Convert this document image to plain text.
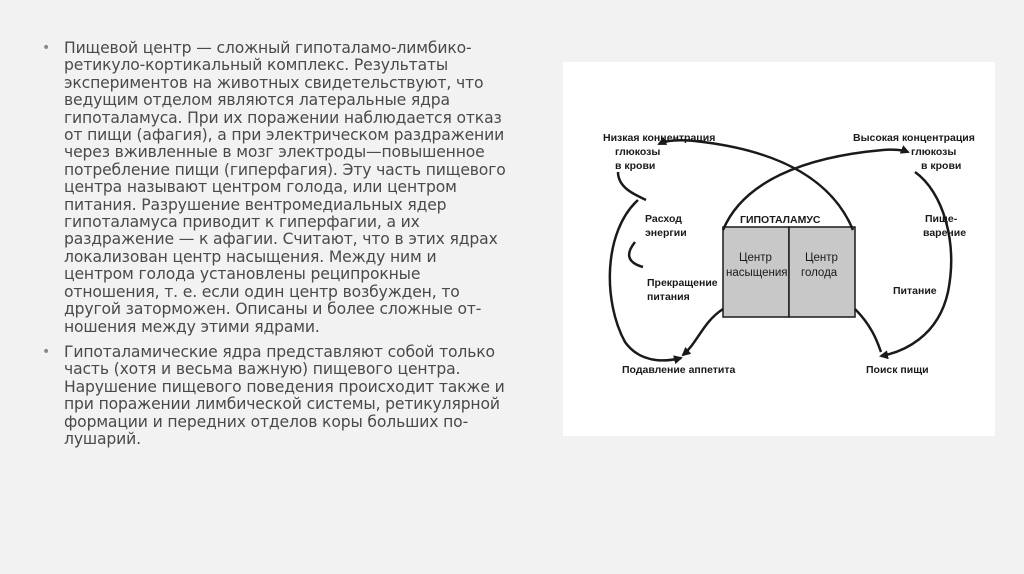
• Пищевой центр — сложный гипоталамо-лимбико-
ретикуло-кортикальный комплекс. Результаты
экспериментов на животных свидетельствуют, что
ведущим отделом являются латеральные ядра
гипоталамуса. При их поражении наблюдается отказ
от пищи (афагия), а при электрическом раздражении
через вживленные в мозг электроды—повышенное
потребление пищи (гиперфагия). Эту часть пищевого
центра называют центром голода, или центром
питания. Разрушение вентромедиальных ядер
гипоталамуса приводит к гиперфагии, а их
раздражение — к афагии. Считают, что в этих ядрах
локализован центр насыщения. Между ним и
центром голода установлены реципрокные
отношения, т. е. если один центр возбужден, то
другой заторможен. Описаны и более сложные от-
ношения между этими ядрами.
• Гипоталамические ядра представляют собой только
часть (хотя и весьма важную) пищевого центра.
Нарушение пищевого поведения происходит также и
при поражении лимбической системы, ретикулярной
формации и передних отделов коры больших по-
лушарий.
Низкая концентрация
глюкозы
в крови
Высокая концентрация
глюкозы
в крови
Расход
энергии
Прекращение
питания
ГИПОТАЛАМУС
Центр
насыщения
Центр
голода
Пище-
варение
Питание
Подавление аппетита	Поиск пищи
